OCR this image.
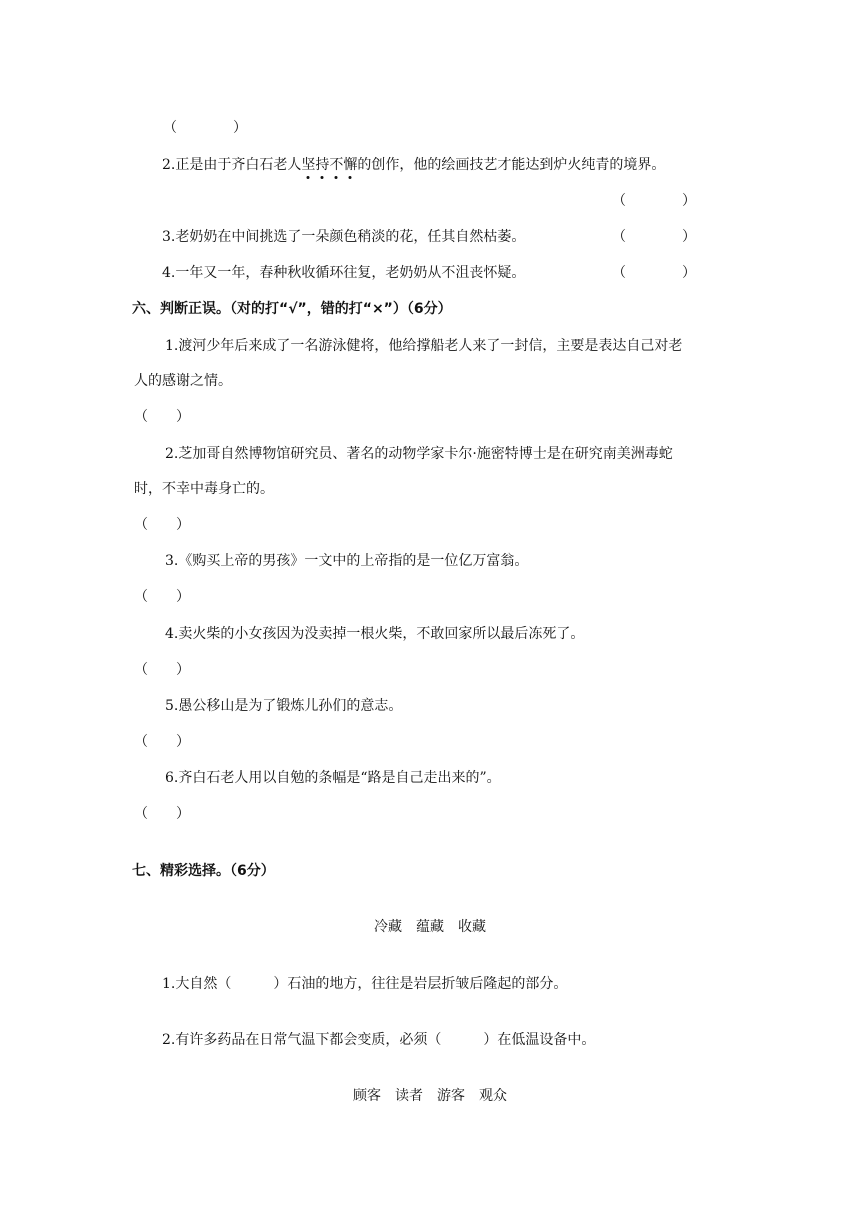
（　　　　）
2.正是由于齐白石老人坚
持
不
懈
的创作，他的绘画技艺才能达到炉火纯青的境界。
（　　　　）
3.老奶奶在中间挑选了一朵颜色稍淡的花，任其自然枯萎。	（　　　　）
4.一年又一年，春种秋收循环往复，老奶奶从不沮丧怀疑。	（　　　　）
六、判断正误。（对的打“√”，错的打“×”）（6分）
1.渡河少年后来成了一名游泳健将，他给撑船老人来了一封信，主要是表达自己对老
人的感谢之情。
（　　）
2.芝加哥自然博物馆研究员、著名的动物学家卡尔·施密特博士是在研究南美洲毒蛇
时，不幸中毒身亡的。
（　　）
3.《购买上帝的男孩》一文中的上帝指的是一位亿万富翁。
（　　）
4.卖火柴的小女孩因为没卖掉一根火柴，不敢回家所以最后冻死了。
（　　）
5.愚公移山是为了锻炼儿孙们的意志。
（　　）
6.齐白石老人用以自勉的条幅是“路是自己走出来的”。
（　　）
七、精彩选择。（6分）
冷藏　蕴藏　收藏
1.大自然（　　　）石油的地方，往往是岩层折皱后隆起的部分。
2.有许多药品在日常气温下都会变质，必须（　　　）在低温设备中。
顾客　读者　游客　观众
